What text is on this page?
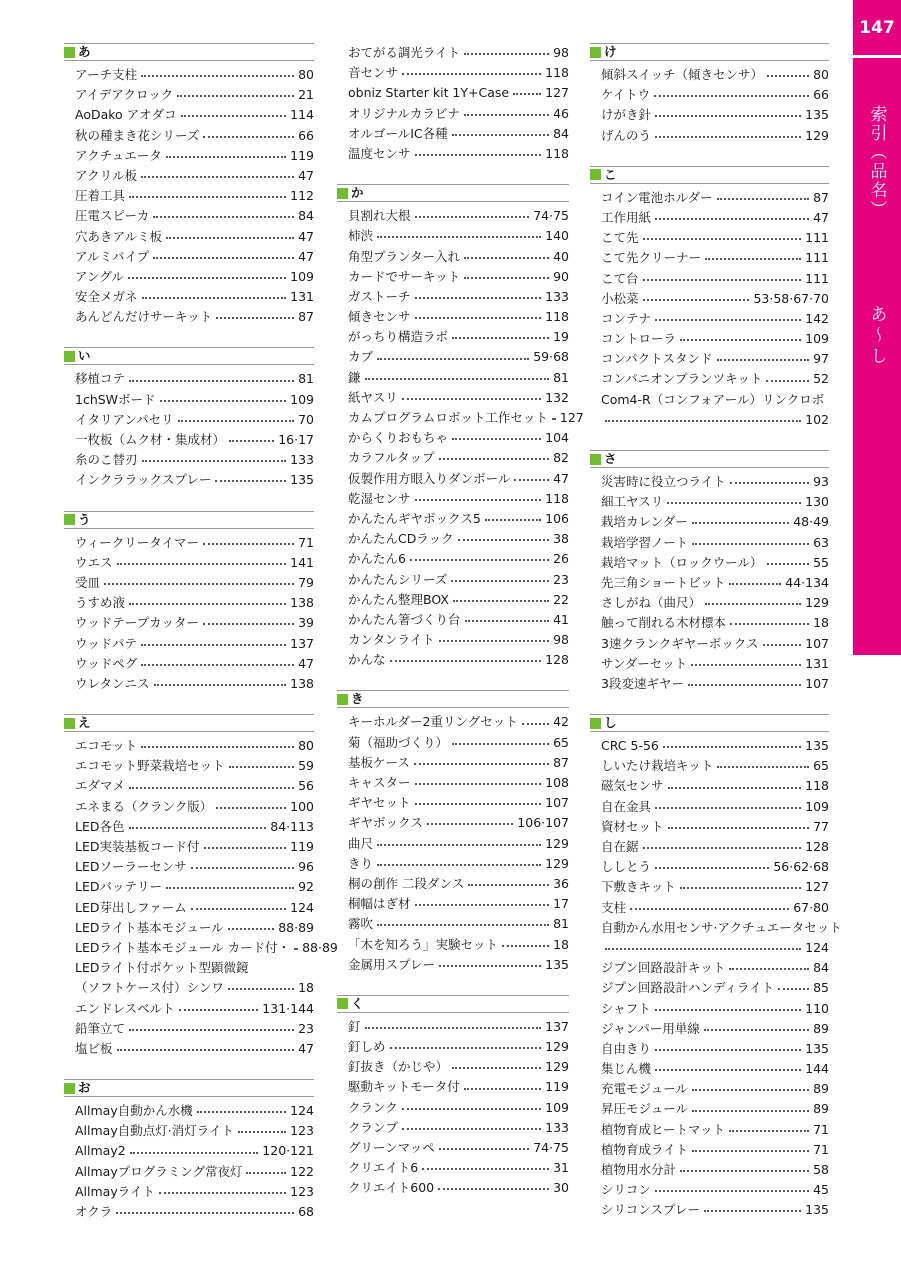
あ
アーチ支柱	80
アイデアクロック	21
AoDako アオダコ	114
秋の種まき花シリーズ	66
アクチュエータ	119
アクリル板	47
圧着工具	112
圧電スピーカ	84
穴あきアルミ板	47
アルミパイプ	47
アングル	109
安全メガネ	131
あんどんだけサーキット	87
い
移植コテ	81
1chSWボード	109
イタリアンパセリ	70
一枚板（ムク材・集成材）	16·17
糸のこ替刃	133
インクララックスプレー	135
う
ウィークリータイマー	71
ウエス	141
受皿	79
うすめ液	138
ウッドテープカッター	39
ウッドパテ	137
ウッドペグ	47
ウレタンニス	138
え
エコモット	80
エコモット野菜栽培セット	59
エダマメ	56
エネまる（クランク版）	100
LED各色	84·113
LED実装基板コード付	119
LEDソーラーセンサ	96
LEDバッテリー	92
LED芽出しファーム	124
LEDライト基本モジュール	88·89
LEDライト基本モジュール カード付・ 88·89
LEDライト付ポケット型顕微鏡
（ソフトケース付）シンワ	18
エンドレスベルト	131·144
鉛筆立て	23
塩ビ板	47
お
Allmay自動かん水機	124
Allmay自動点灯·消灯ライト	123
Allmay2	120·121
Allmayプログラミング常夜灯	122
Allmayライト	123
オクラ	68
おてがる調光ライト	98
音センサ	118
obniz Starter kit 1Y+Case	127
オリジナルカラビナ	46
オルゴールIC各種	84
温度センサ	118
か
貝割れ大根	74·75
柿渋	140
角型プランター入れ	40
カードでサーキット	90
ガストーチ	133
傾きセンサ	118
がっちり構造ラボ	19
カブ	59·68
鎌	81
紙ヤスリ	132
カムプログラムロボット工作セット 127
からくりおもちゃ	104
カラフルタップ	82
仮製作用方眼入りダンボール	47
乾湿センサ	118
かんたんギヤボックス5	106
かんたんCDラック	38
かんたん6	26
かんたんシリーズ	23
かんたん整理BOX	22
かんたん箸づくり台	41
カンタンライト	98
かんな	128
き
キーホルダー2重リングセット	42
菊（福助づくり）	65
基板ケース	87
キャスター	108
ギヤセット	107
ギヤボックス	106·107
曲尺	129
きり	129
桐の創作 二段ダンス	36
桐幅はぎ材	17
霧吹	81
「木を知ろう」実験セット	18
金属用スプレー	135
く
釘	137
釘しめ	129
釘抜き（かじや）	129
駆動キットモータ付	119
クランク	109
クランプ	133
グリーンマッペ	74·75
クリエイト6	31
クリエイト600	30
け
傾斜スイッチ（傾きセンサ）	80
ケイトウ	66
けがき針	135
げんのう	129
こ
コイン電池ホルダー	87
工作用紙	47
こて先	111
こて先クリーナー	111
こて台	111
小松菜	53·58·67·70
コンテナ	142
コントローラ	109
コンパクトスタンド	97
コンパニオンプランツキット	52
Com4-R（コンフォアール）リンクロボ
102
さ
災害時に役立つライト	93
細工ヤスリ	130
栽培カレンダー	48·49
栽培学習ノート	63
栽培マット（ロックウール）	55
先三角ショートビット	44·134
さしがね（曲尺）	129
触って削れる木材標本	18
3速クランクギヤーボックス	107
サンダーセット	131
3段変速ギヤー	107
し
CRC 5-56	135
しいたけ栽培キット	65
磁気センサ	118
自在金具	109
資材セット	77
自在鋸	128
ししとう	56·62·68
下敷きキット	127
支柱	67·80
自動かん水用センサ·アクチュエータセット
124
ジプン回路設計キット	84
ジプン回路設計ハンディライト	85
シャフト	110
ジャンパー用単線	89
自由きり	135
集じん機	144
充電モジュール	89
昇圧モジュール	89
植物育成ヒートマット	71
植物育成ライト	71
植物用水分計	58
シリコン	45
シリコンスプレー	135
147
索引（品名）
あ〜し
